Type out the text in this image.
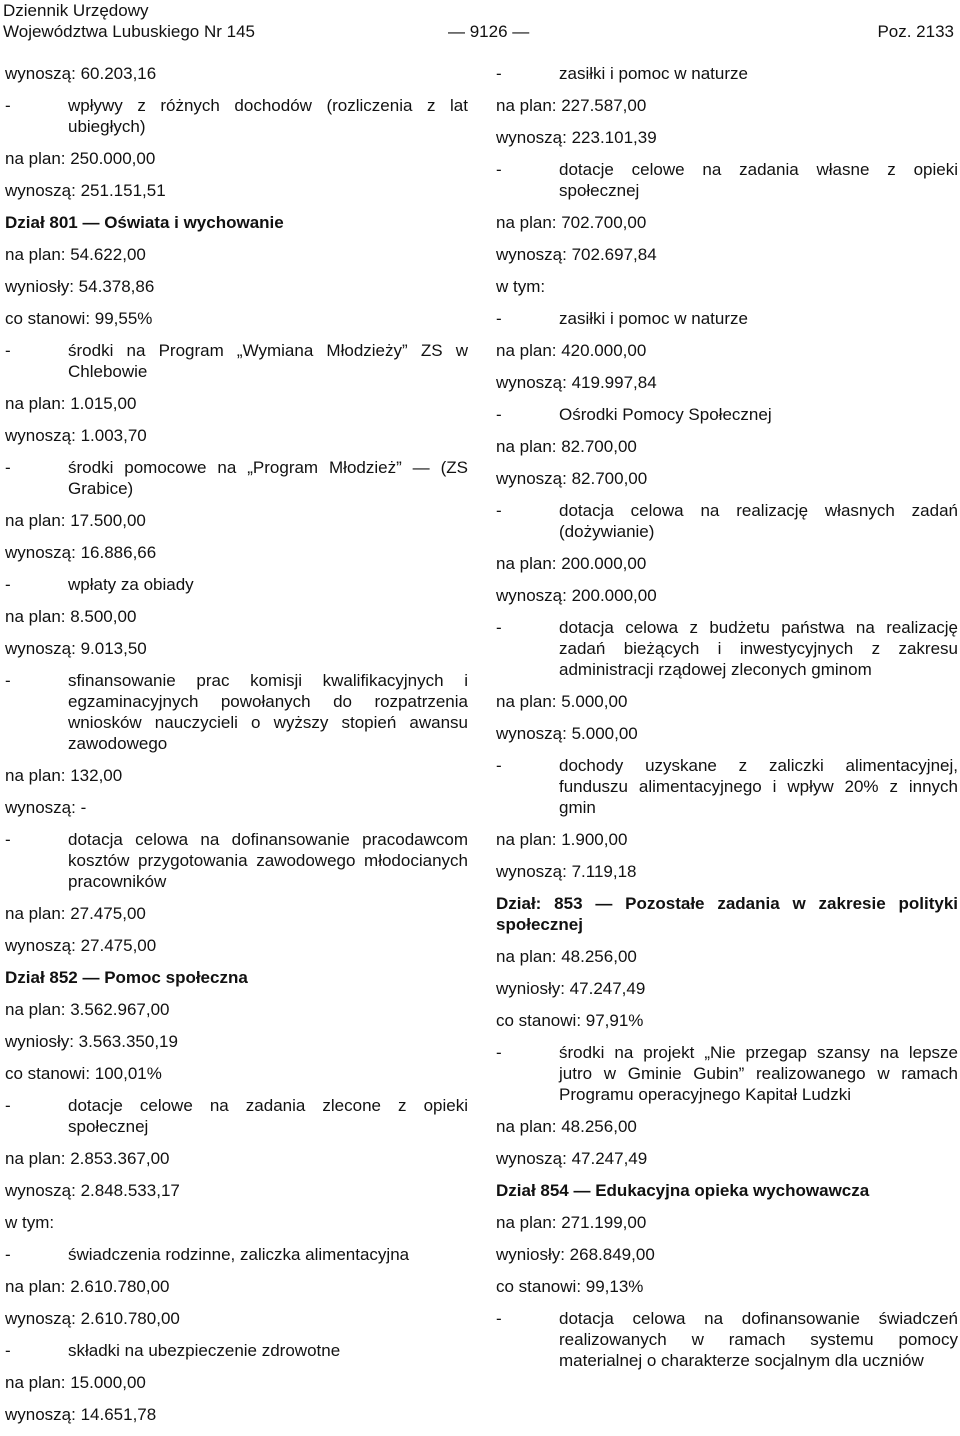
Dziennik Urzędowy
Województwa Lubuskiego Nr 145	— 9126 —	Poz. 2133
wynoszą: 60.203,16
-	wpływy z różnych dochodów (rozliczenia z lat ubiegłych)
na plan: 250.000,00
wynoszą: 251.151,51
Dział 801 — Oświata i wychowanie
na plan: 54.622,00
wyniosły: 54.378,86
co stanowi: 99,55%
-	środki na Program „Wymiana Młodzieży” ZS w Chlebowie
na plan: 1.015,00
wynoszą: 1.003,70
-	środki pomocowe na „Program Młodzież” — (ZS Grabice)
na plan: 17.500,00
wynoszą: 16.886,66
-	wpłaty za obiady
na plan: 8.500,00
wynoszą: 9.013,50
-	sfinansowanie prac komisji kwalifikacyjnych i egzaminacyjnych powołanych do rozpatrzenia wniosków nauczycieli o wyższy stopień awansu zawodowego
na plan: 132,00
wynoszą: -
-	dotacja celowa na dofinansowanie pracodawcom kosztów przygotowania zawodowego młodocianych pracowników
na plan: 27.475,00
wynoszą: 27.475,00
Dział 852 — Pomoc społeczna
na plan: 3.562.967,00
wyniosły: 3.563.350,19
co stanowi: 100,01%
-	dotacje celowe na zadania zlecone z opieki społecznej
na plan: 2.853.367,00
wynoszą: 2.848.533,17
w tym:
-	świadczenia rodzinne, zaliczka alimentacyjna
na plan: 2.610.780,00
wynoszą: 2.610.780,00
-	składki na ubezpieczenie zdrowotne
na plan: 15.000,00
wynoszą: 14.651,78
-	zasiłki i pomoc w naturze
na plan: 227.587,00
wynoszą: 223.101,39
-	dotacje celowe na zadania własne z opieki społecznej
na plan: 702.700,00
wynoszą: 702.697,84
w tym:
-	zasiłki i pomoc w naturze
na plan: 420.000,00
wynoszą: 419.997,84
-	Ośrodki Pomocy Społecznej
na plan: 82.700,00
wynoszą: 82.700,00
-	dotacja celowa na realizację własnych zadań (dożywianie)
na plan: 200.000,00
wynoszą: 200.000,00
-	dotacja celowa z budżetu państwa na realizację zadań bieżących i inwestycyjnych z zakresu administracji rządowej zleconych gminom
na plan: 5.000,00
wynoszą: 5.000,00
-	dochody uzyskane z zaliczki alimentacyjnej, funduszu alimentacyjnego i wpływ 20% z innych gmin
na plan: 1.900,00
wynoszą: 7.119,18
Dział: 853 — Pozostałe zadania w zakresie polityki społecznej
na plan: 48.256,00
wyniosły: 47.247,49
co stanowi: 97,91%
-	środki na projekt „Nie przegap szansy na lepsze jutro w Gminie Gubin” realizowanego w ramach Programu operacyjnego Kapitał Ludzki
na plan: 48.256,00
wynoszą: 47.247,49
Dział 854 — Edukacyjna opieka wychowawcza
na plan: 271.199,00
wyniosły: 268.849,00
co stanowi: 99,13%
-	dotacja celowa na dofinansowanie świadczeń realizowanych w ramach systemu pomocy materialnej o charakterze socjalnym dla uczniów
